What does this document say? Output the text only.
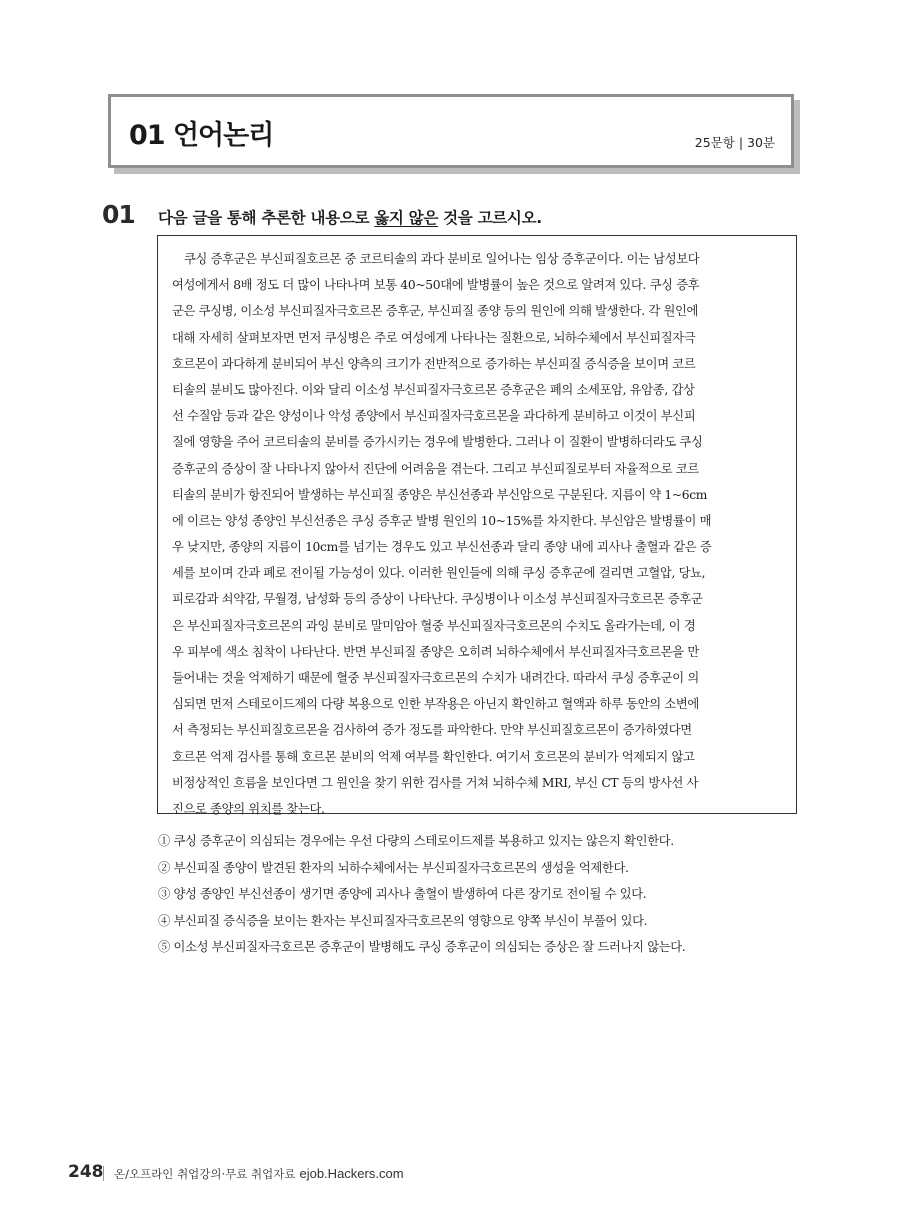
01 언어논리	25문항 | 30분
01 다음 글을 통해 추론한 내용으로 옳지 않은 것을 고르시오.
　쿠싱 증후군은 부신피질호르몬 중 코르티솔의 과다 분비로 일어나는 임상 증후군이다. 이는 남성보다
여성에게서 8배 정도 더 많이 나타나며 보통 40~50대에 발병률이 높은 것으로 알려져 있다. 쿠싱 증후
군은 쿠싱병, 이소성 부신피질자극호르몬 증후군, 부신피질 종양 등의 원인에 의해 발생한다. 각 원인에
대해 자세히 살펴보자면 먼저 쿠싱병은 주로 여성에게 나타나는 질환으로, 뇌하수체에서 부신피질자극
호르몬이 과다하게 분비되어 부신 양측의 크기가 전반적으로 증가하는 부신피질 증식증을 보이며 코르
티솔의 분비도 많아진다. 이와 달리 이소성 부신피질자극호르몬 증후군은 폐의 소세포암, 유암종, 갑상
선 수질암 등과 같은 양성이나 악성 종양에서 부신피질자극호르몬을 과다하게 분비하고 이것이 부신피
질에 영향을 주어 코르티솔의 분비를 증가시키는 경우에 발병한다. 그러나 이 질환이 발병하더라도 쿠싱
증후군의 증상이 잘 나타나지 않아서 진단에 어려움을 겪는다. 그리고 부신피질로부터 자율적으로 코르
티솔의 분비가 항진되어 발생하는 부신피질 종양은 부신선종과 부신암으로 구분된다. 지름이 약 1~6cm
에 이르는 양성 종양인 부신선종은 쿠싱 증후군 발병 원인의 10~15%를 차지한다. 부신암은 발병률이 매
우 낮지만, 종양의 지름이 10cm를 넘기는 경우도 있고 부신선종과 달리 종양 내에 괴사나 출혈과 같은 증
세를 보이며 간과 폐로 전이될 가능성이 있다. 이러한 원인들에 의해 쿠싱 증후군에 걸리면 고혈압, 당뇨,
피로감과 쇠약감, 무월경, 남성화 등의 증상이 나타난다. 쿠싱병이나 이소성 부신피질자극호르몬 증후군
은 부신피질자극호르몬의 과잉 분비로 말미암아 혈중 부신피질자극호르몬의 수치도 올라가는데, 이 경
우 피부에 색소 침착이 나타난다. 반면 부신피질 종양은 오히려 뇌하수체에서 부신피질자극호르몬을 만
들어내는 것을 억제하기 때문에 혈중 부신피질자극호르몬의 수치가 내려간다. 따라서 쿠싱 증후군이 의
심되면 먼저 스테로이드제의 다량 복용으로 인한 부작용은 아닌지 확인하고 혈액과 하루 동안의 소변에
서 측정되는 부신피질호르몬을 검사하여 증가 정도를 파악한다. 만약 부신피질호르몬이 증가하였다면
호르몬 억제 검사를 통해 호르몬 분비의 억제 여부를 확인한다. 여기서 호르몬의 분비가 억제되지 않고
비정상적인 흐름을 보인다면 그 원인을 찾기 위한 검사를 거쳐 뇌하수체 MRI, 부신 CT 등의 방사선 사
진으로 종양의 위치를 찾는다.
① 쿠싱 증후군이 의심되는 경우에는 우선 다량의 스테로이드제를 복용하고 있지는 않은지 확인한다.
② 부신피질 종양이 발견된 환자의 뇌하수체에서는 부신피질자극호르몬의 생성을 억제한다.
③ 양성 종양인 부신선종이 생기면 종양에 괴사나 출혈이 발생하여 다른 장기로 전이될 수 있다.
④ 부신피질 증식증을 보이는 환자는 부신피질자극호르몬의 영향으로 양쪽 부신이 부풀어 있다.
⑤ 이소성 부신피질자극호르몬 증후군이 발병해도 쿠싱 증후군이 의심되는 증상은 잘 드러나지 않는다.
248 온/오프라인 취업강의·무료 취업자료 ejob.Hackers.com
